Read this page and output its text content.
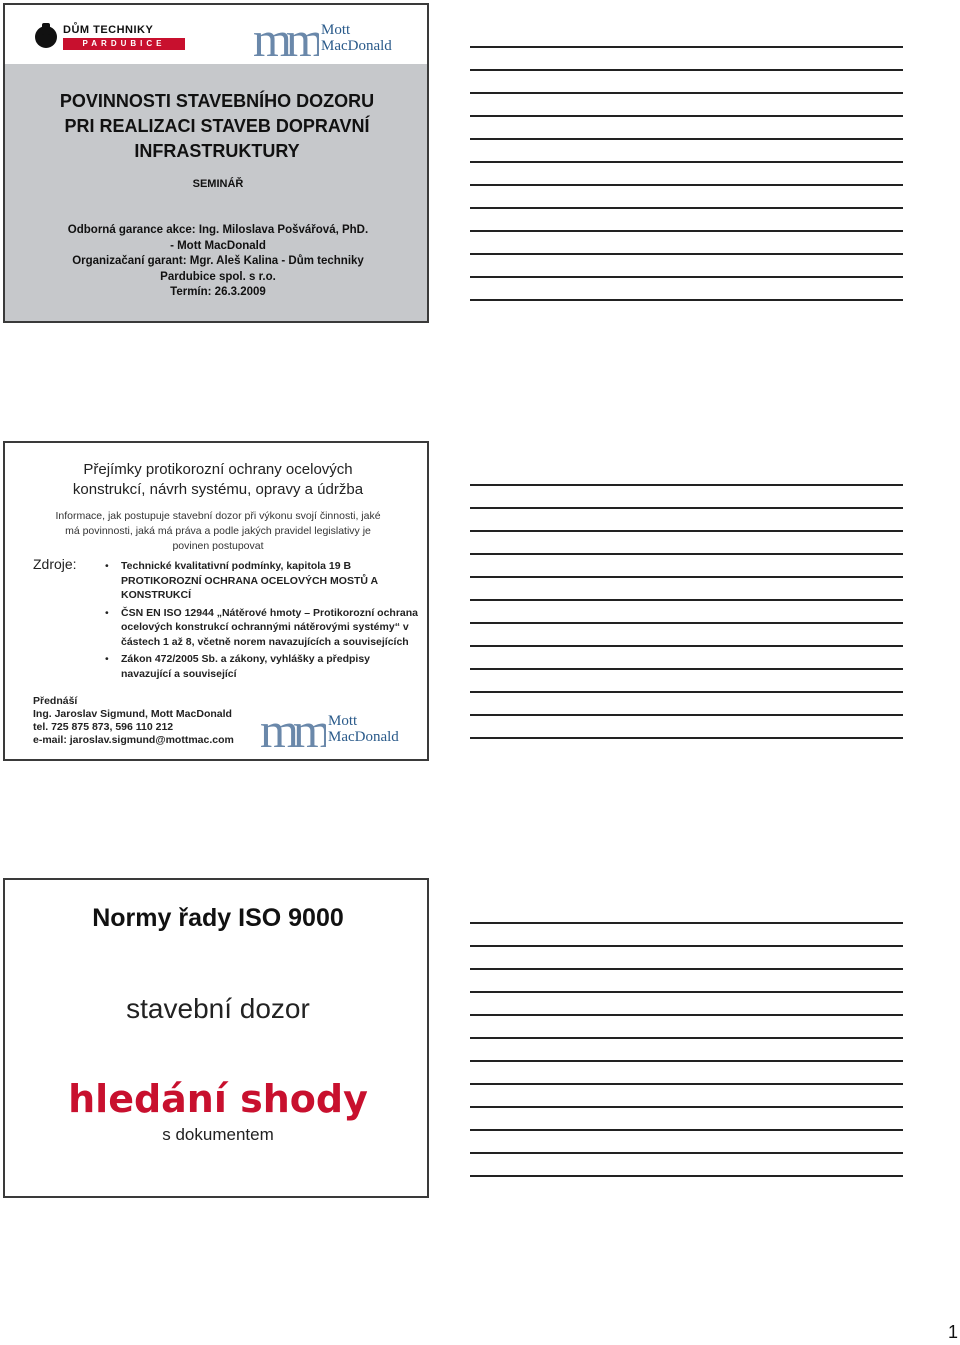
DŮM TECHNIKY
PARDUBICE	mm Mott
MacDonald
POVINNOSTI STAVEBNÍHO DOZORU
PRI REALIZACI STAVEB DOPRAVNÍ
INFRASTRUKTURY
SEMINÁŘ
Odborná garance akce: Ing. Miloslava Pošvářová, PhD.
- Mott MacDonald
Organizačaní garant: Mgr. Aleš Kalina - Dům techniky
Pardubice spol. s r.o.
Termín: 26.3.2009
Přejímky protikorozní ochrany ocelových
konstrukcí, návrh systému, opravy a údržba
Informace, jak postupuje stavební dozor při výkonu svojí činnosti, jaké
má povinnosti, jaká má práva a podle jakých pravidel legislativy je
povinen postupovat
Zdroje:
•	Technické kvalitativní podmínky, kapitola 19 B PROTIKOROZNÍ OCHRANA OCELOVÝCH MOSTŮ A KONSTRUKCÍ
• ČSN EN ISO 12944 „Nátěrové hmoty – Protikorozní ochrana ocelových konstrukcí ochrannými nátěrovými systémy“ v částech 1 až 8, včetně norem navazujících a souvisejících
• Zákon 472/2005 Sb. a zákony, vyhlášky a předpisy navazující a související
Přednáší
Ing. Jaroslav Sigmund, Mott MacDonald
tel. 725 875 873, 596 110 212
e-mail: jaroslav.sigmund@mottmac.com mm Mott
MacDonald
Normy řady ISO 9000
stavební dozor
hledání shody
s dokumentem
1
